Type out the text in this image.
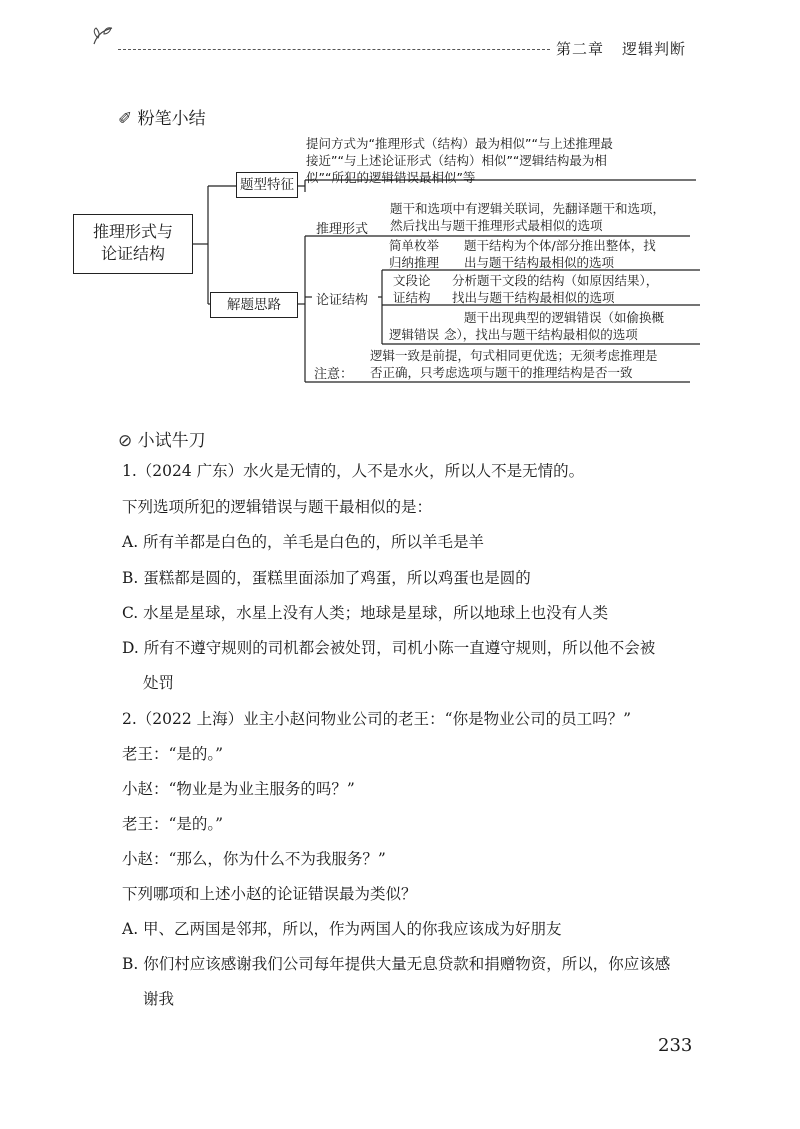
第二章 逻辑判断
✐ 粉笔小结
推理形式与论证结构
题型特征
提问方式为“推理形式（结构）最为相似”“与上述推理最
接近”“与上述论证形式（结构）相似”“逻辑结构最为相
似”“所犯的逻辑错误最相似”等
解题思路
推理形式
题干和选项中有逻辑关联词，先翻译题干和选项，
然后找出与题干推理形式最相似的选项
论证结构
简单枚举
归纳推理
题干结构为个体/部分推出整体，找
出与题干结构最相似的选项
文段论
证结构
分析题干文段的结构（如原因结果），
找出与题干结构最相似的选项

逻辑错误
题干出现典型的逻辑错误（如偷换概
念），找出与题干结构最相似的选项
注意：
逻辑一致是前提，句式相同更优选；无须考虑推理是
否正确，只考虑选项与题干的推理结构是否一致
⊘ 小试牛刀
1.（2024 广东）水火是无情的，人不是水火，所以人不是无情的。
下列选项所犯的逻辑错误与题干最相似的是：
A. 所有羊都是白色的，羊毛是白色的，所以羊毛是羊
B. 蛋糕都是圆的，蛋糕里面添加了鸡蛋，所以鸡蛋也是圆的
C. 水星是星球，水星上没有人类；地球是星球，所以地球上也没有人类
D. 所有不遵守规则的司机都会被处罚，司机小陈一直遵守规则，所以他不会被
处罚
2.（2022 上海）业主小赵问物业公司的老王：“你是物业公司的员工吗？”
老王：“是的。”
小赵：“物业是为业主服务的吗？”
老王：“是的。”
小赵：“那么，你为什么不为我服务？”
下列哪项和上述小赵的论证错误最为类似？
A. 甲、乙两国是邻邦，所以，作为两国人的你我应该成为好朋友
B. 你们村应该感谢我们公司每年提供大量无息贷款和捐赠物资，所以，你应该感
谢我
233
